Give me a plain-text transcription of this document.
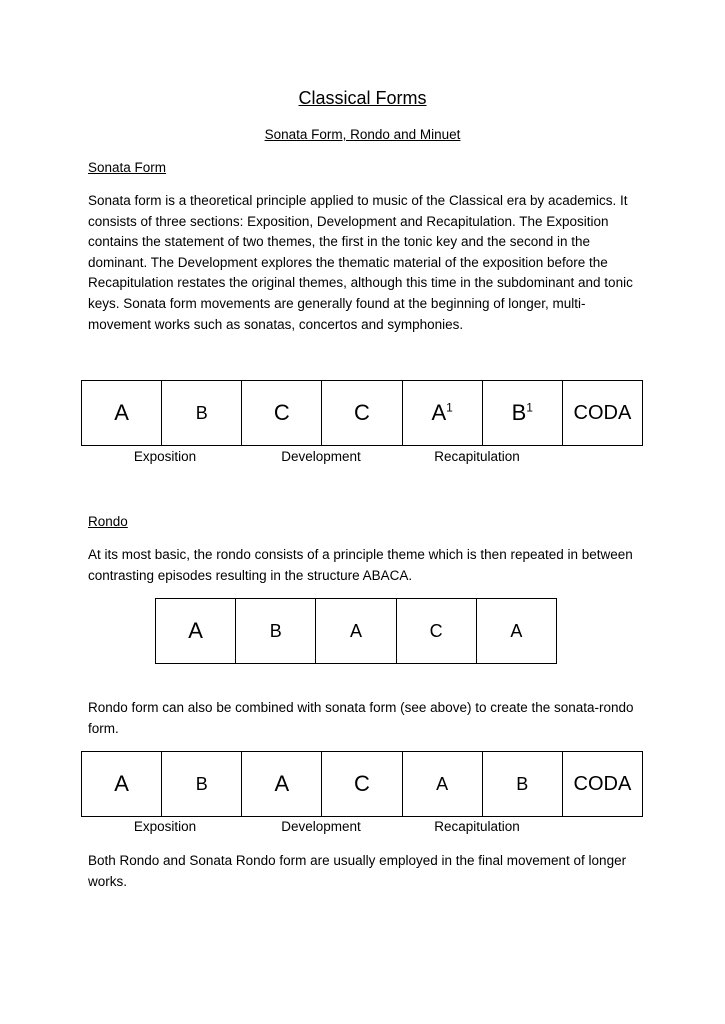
Classical Forms
Sonata Form, Rondo and Minuet
Sonata Form

Sonata form is a theoretical principle applied to music of the Classical era by academics. It consists of three sections: Exposition, Development and Recapitulation. The Exposition contains the statement of two themes, the first in the tonic key and the second in the dominant. The Development explores the thematic material of the exposition before the Recapitulation restates the original themes, although this time in the subdominant and tonic keys. Sonata form movements are generally found at the beginning of longer, multi-movement works such as sonatas, concertos and symphonies.

A	B	C	C	$A^1$	$B^1$	CODA
Exposition	Development	Recapitulation
Rondo

At its most basic, the rondo consists of a principle theme which is then repeated in between contrasting episodes resulting in the structure ABACA.

A	B	A	C	A

Rondo form can also be combined with sonata form (see above) to create the sonata-rondo form.

A	B	A	C	A	B	CODA
Exposition	Development	Recapitulation

Both Rondo and Sonata Rondo form are usually employed in the final movement of longer works.
